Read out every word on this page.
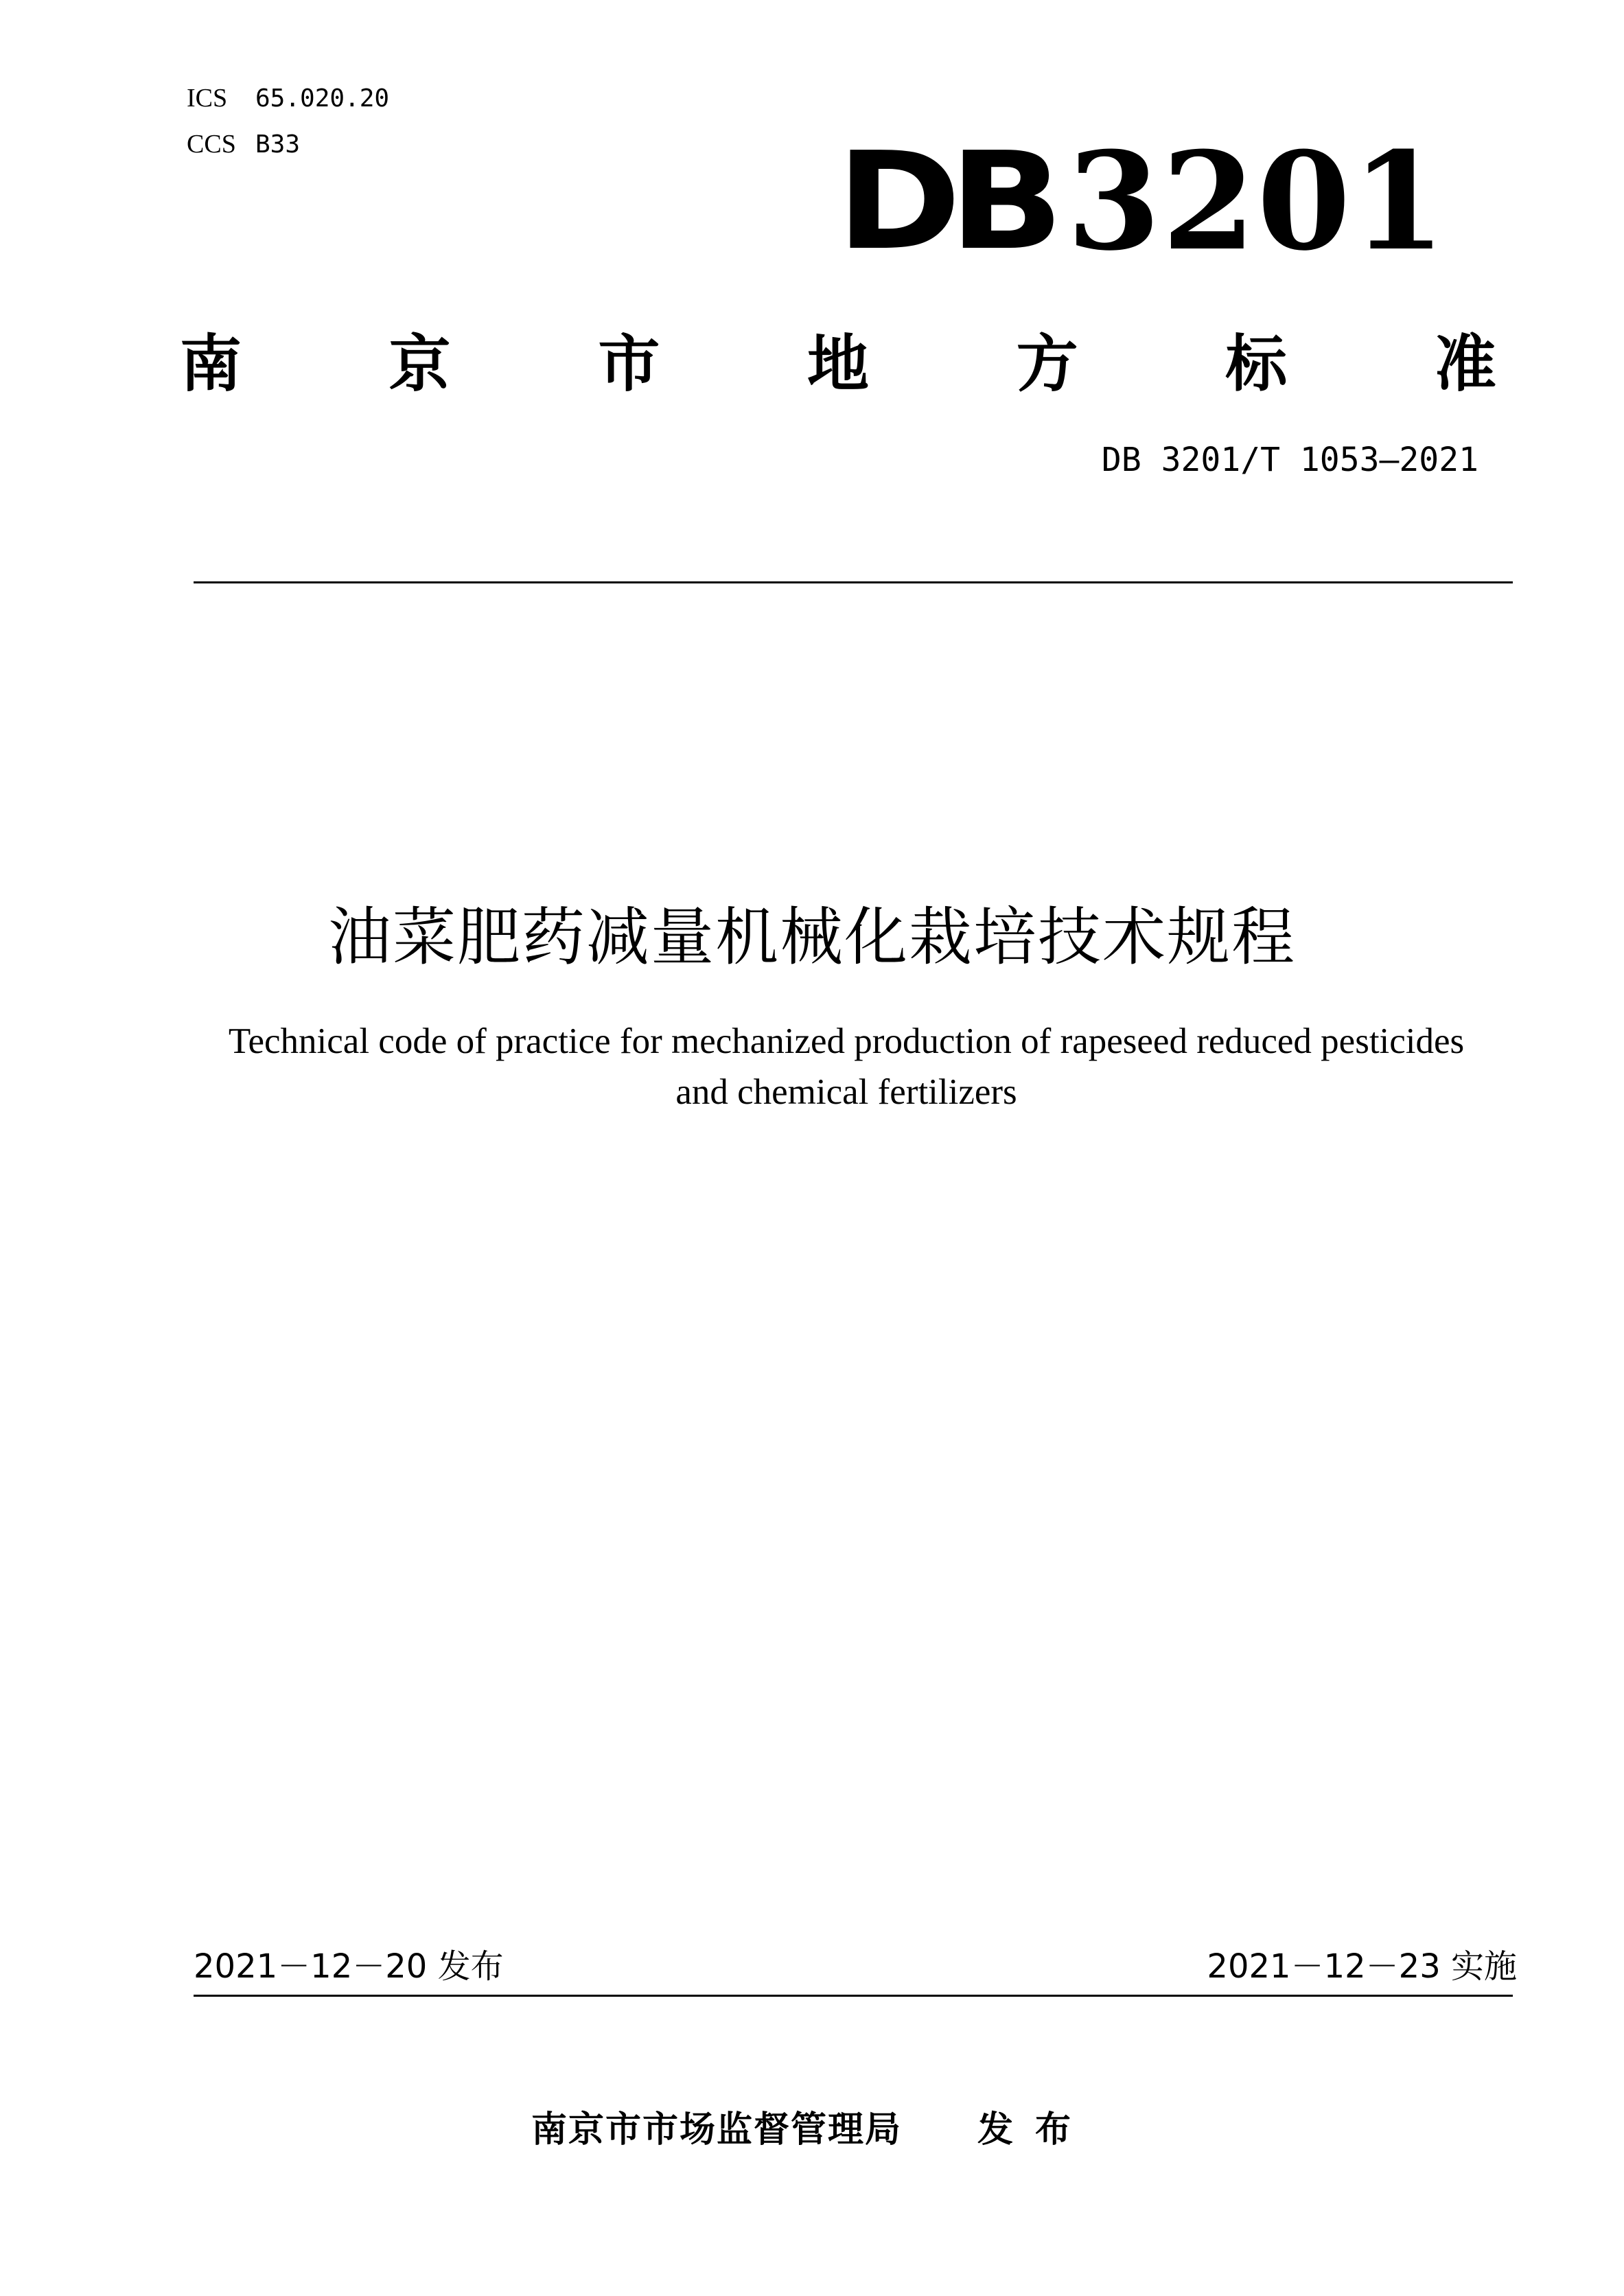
ICS	65.020.20
CCS B33	DB 3201
南 京 市 地 方 标 准
DB 3201/T 1053—2021
油菜肥药减量机械化栽培技术规程
Technical code of practice for mechanized production of rapeseed reduced pesticides
and chemical fertilizers
2021－12－20 发布	2021－12－23 实施
南京市市场监督管理局 发布
